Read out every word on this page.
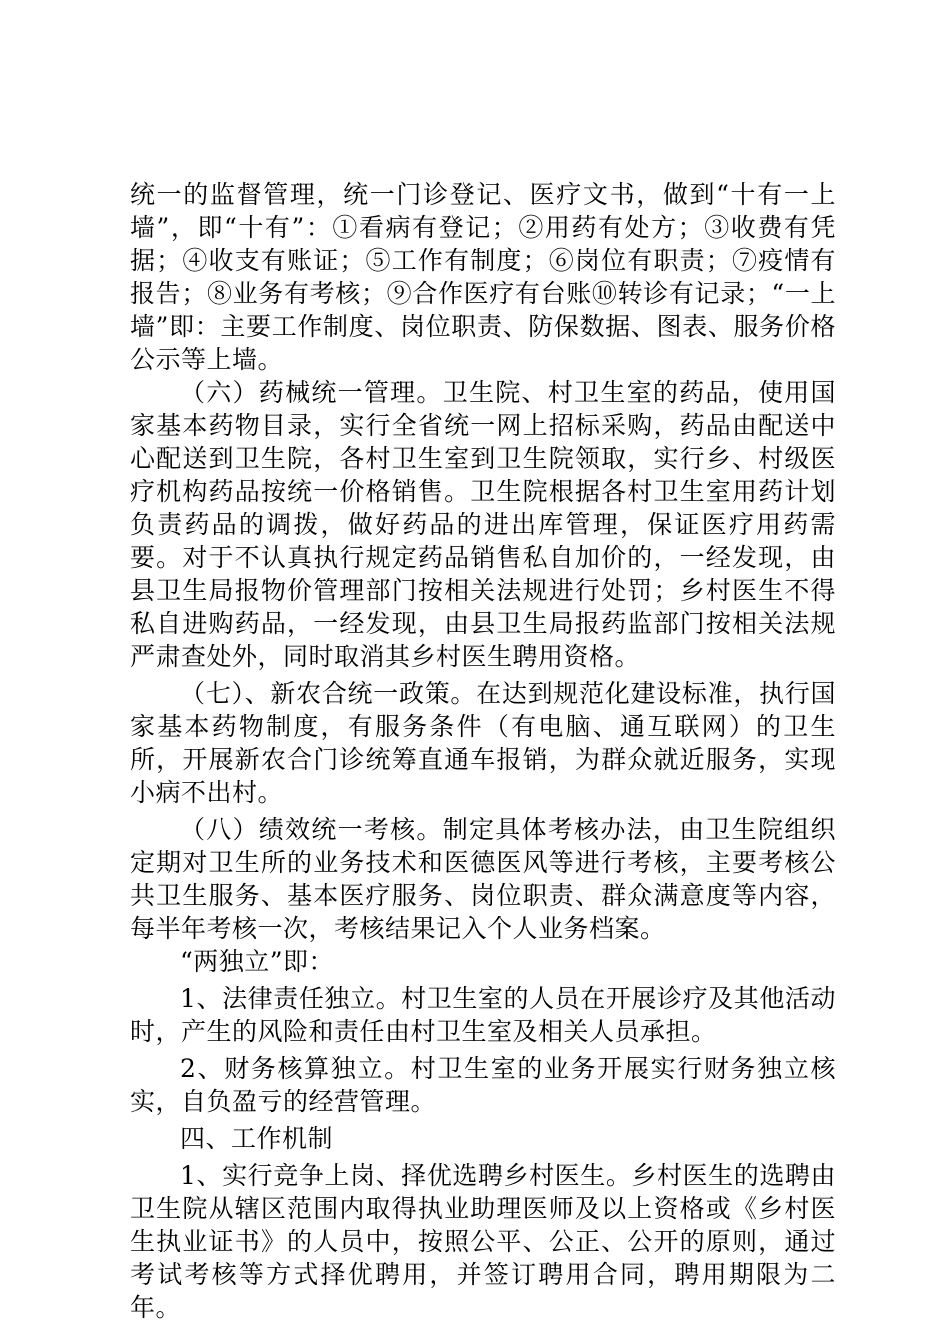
统一的监督管理，统一门诊登记、医疗文书，做到“十有一上墙”，即“十有”：①看病有登记；②用药有处方；③收费有凭据；④收支有账证；⑤工作有制度；⑥岗位有职责；⑦疫情有报告；⑧业务有考核；⑨合作医疗有台账⑩转诊有记录；“一上墙”即：主要工作制度、岗位职责、防保数据、图表、服务价格公示等上墙。

（六）药械统一管理。卫生院、村卫生室的药品，使用国家基本药物目录，实行全省统一网上招标采购，药品由配送中心配送到卫生院，各村卫生室到卫生院领取，实行乡、村级医疗机构药品按统一价格销售。卫生院根据各村卫生室用药计划负责药品的调拨，做好药品的进出库管理，保证医疗用药需要。对于不认真执行规定药品销售私自加价的，一经发现，由县卫生局报物价管理部门按相关法规进行处罚；乡村医生不得私自进购药品，一经发现，由县卫生局报药监部门按相关法规严肃查处外，同时取消其乡村医生聘用资格。

（七）、新农合统一政策。在达到规范化建设标准，执行国家基本药物制度，有服务条件（有电脑、通互联网）的卫生所，开展新农合门诊统筹直通车报销，为群众就近服务，实现小病不出村。

（八）绩效统一考核。制定具体考核办法，由卫生院组织定期对卫生所的业务技术和医德医风等进行考核，主要考核公共卫生服务、基本医疗服务、岗位职责、群众满意度等内容，每半年考核一次，考核结果记入个人业务档案。

“两独立”即：

1、法律责任独立。村卫生室的人员在开展诊疗及其他活动时，产生的风险和责任由村卫生室及相关人员承担。

2、财务核算独立。村卫生室的业务开展实行财务独立核实，自负盈亏的经营管理。

四、工作机制

1、实行竞争上岗、择优选聘乡村医生。乡村医生的选聘由卫生院从辖区范围内取得执业助理医师及以上资格或《乡村医生执业证书》的人员中，按照公平、公正、公开的原则，通过考试考核等方式择优聘用，并签订聘用合同，聘用期限为二年。
